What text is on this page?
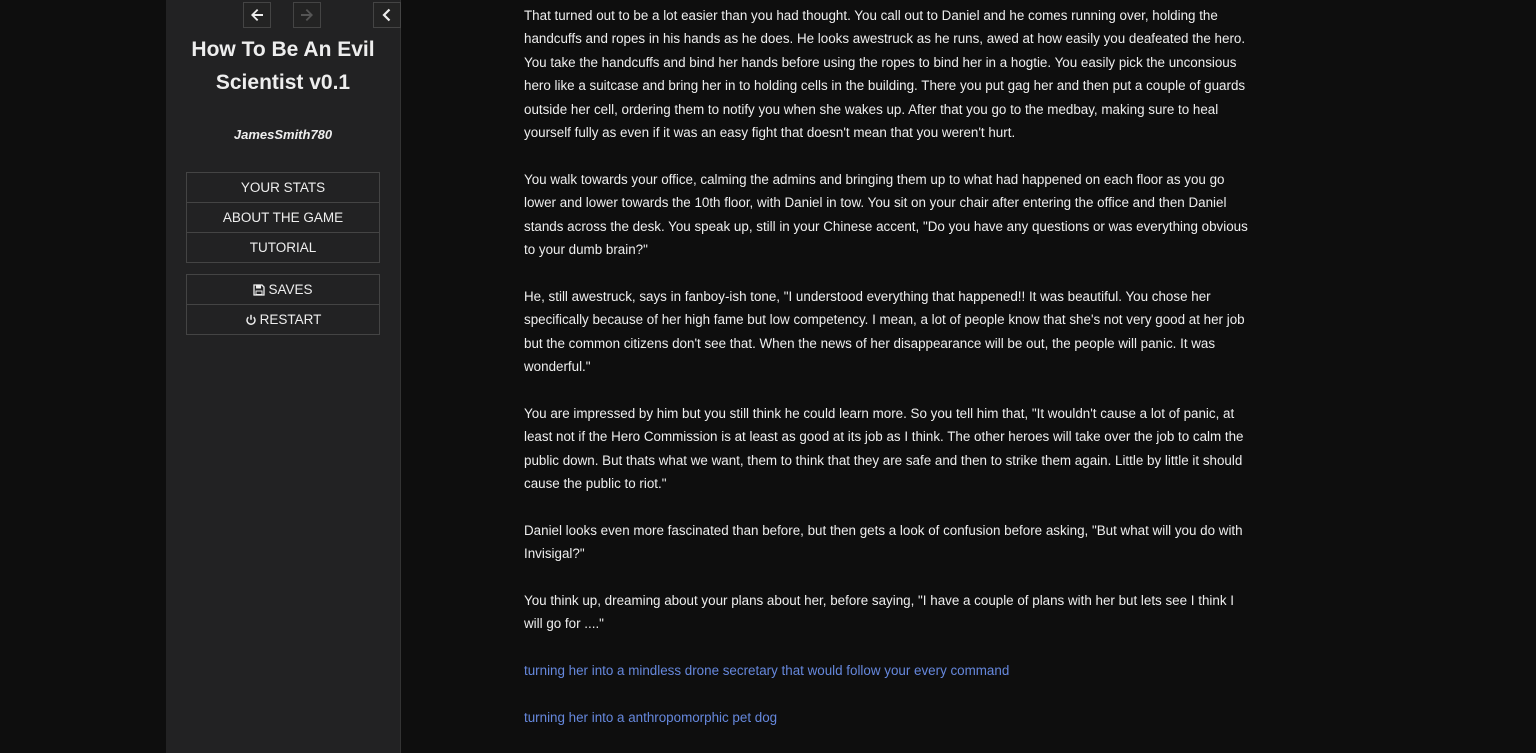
How To Be An Evil Scientist v0.1
JamesSmith780
YOUR STATS
ABOUT THE GAME
TUTORIAL
SAVES
RESTART

That turned out to be a lot easier than you had thought. You call out to Daniel and he comes running over, holding the handcuffs and ropes in his hands as he does. He looks awestruck as he runs, awed at how easily you deafeated the hero. You take the handcuffs and bind her hands before using the ropes to bind her in a hogtie. You easily pick the unconsious hero like a suitcase and bring her in to holding cells in the building. There you put gag her and then put a couple of guards outside her cell, ordering them to notify you when she wakes up. After that you go to the medbay, making sure to heal yourself fully as even if it was an easy fight that doesn't mean that you weren't hurt.

You walk towards your office, calming the admins and bringing them up to what had happened on each floor as you go lower and lower towards the 10th floor, with Daniel in tow. You sit on your chair after entering the office and then Daniel stands across the desk. You speak up, still in your Chinese accent, "Do you have any questions or was everything obvious to your dumb brain?"

He, still awestruck, says in fanboy-ish tone, "I understood everything that happened!! It was beautiful. You chose her specifically because of her high fame but low competency. I mean, a lot of people know that she's not very good at her job but the common citizens don't see that. When the news of her disappearance will be out, the people will panic. It was wonderful."

You are impressed by him but you still think he could learn more. So you tell him that, "It wouldn't cause a lot of panic, at least not if the Hero Commission is at least as good at its job as I think. The other heroes will take over the job to calm the public down. But thats what we want, them to think that they are safe and then to strike them again. Little by little it should cause the public to riot."

Daniel looks even more fascinated than before, but then gets a look of confusion before asking, "But what will you do with Invisigal?"

You think up, dreaming about your plans about her, before saying, "I have a couple of plans with her but lets see I think I will go for ...."

turning her into a mindless drone secretary that would follow your every command

turning her into a anthropomorphic pet dog
